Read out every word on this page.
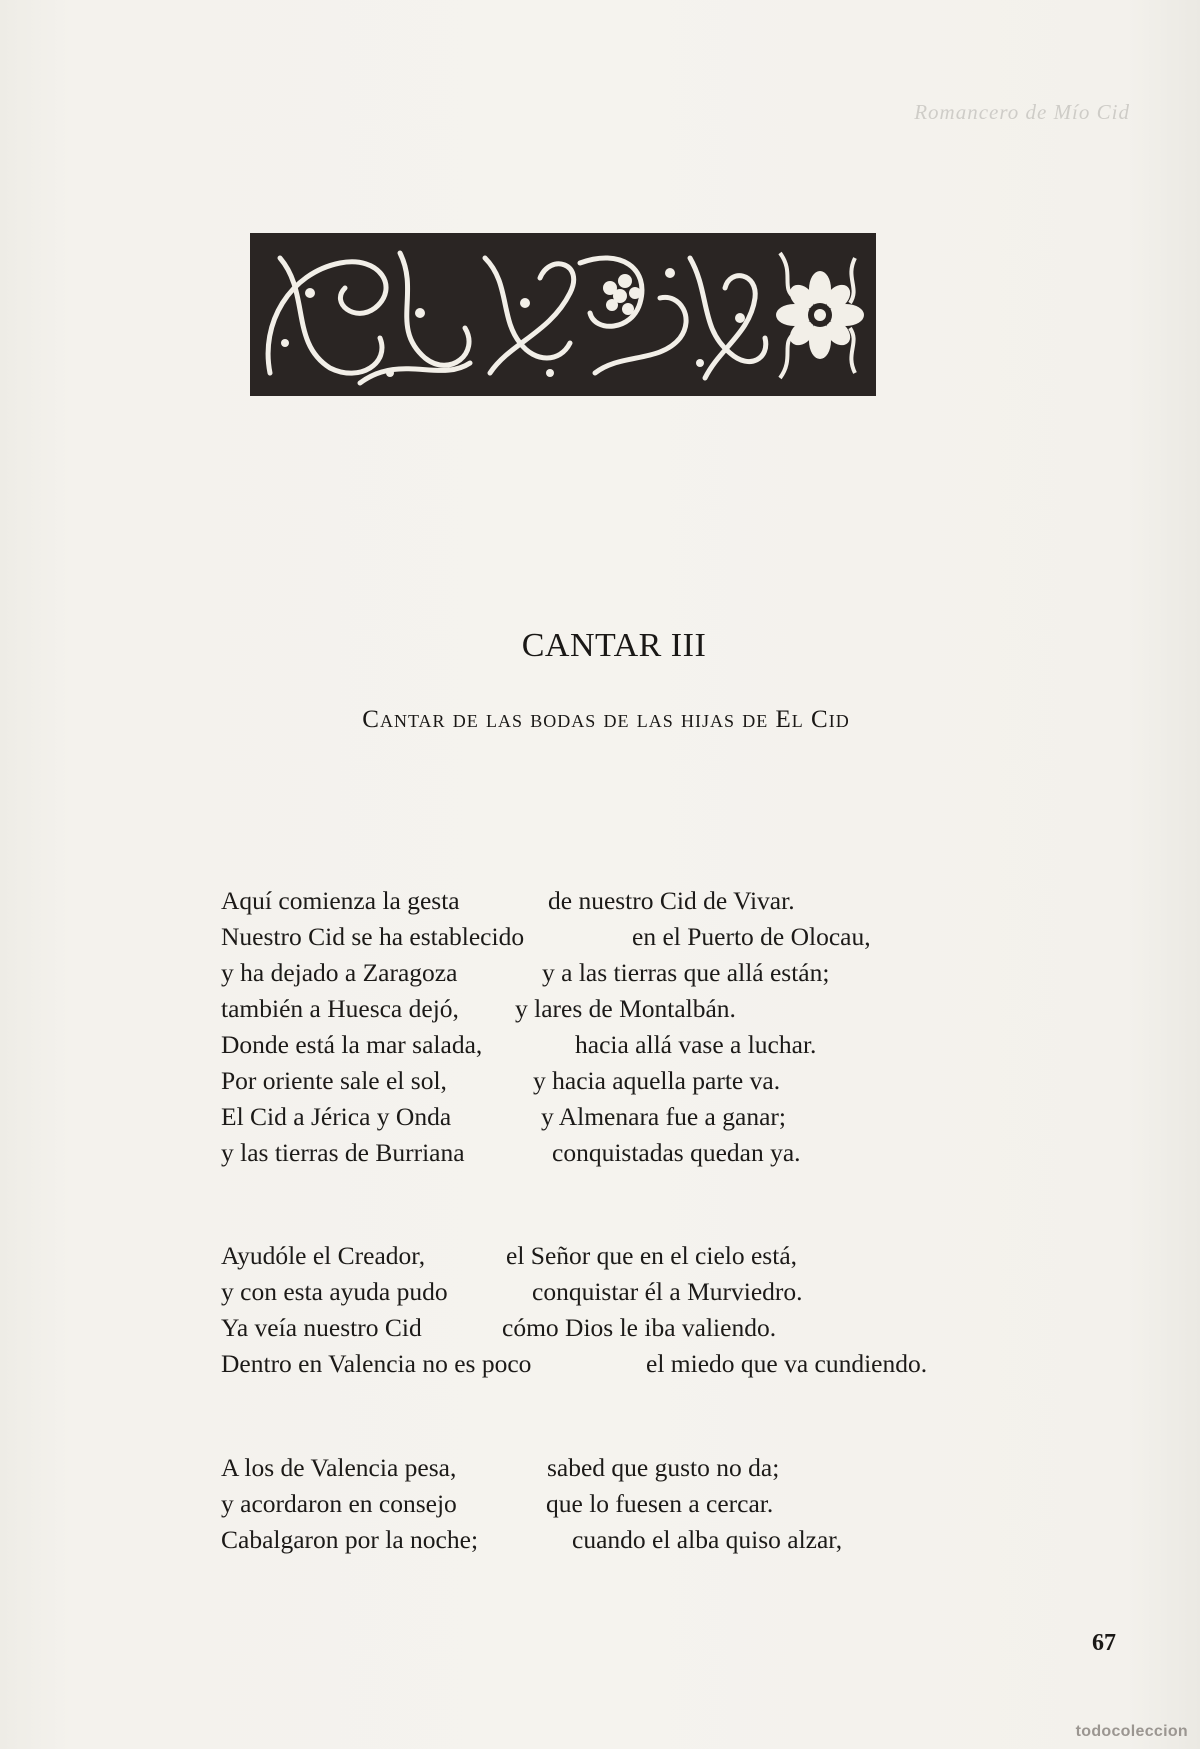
Romancero de Mío Cid
CANTAR III
Cantar de las bodas de las hijas de El Cid
Aquí comienza la gesta	de nuestro Cid de Vivar.
Nuestro Cid se ha establecido	en el Puerto de Olocau,
y ha dejado a Zaragoza	y a las tierras que allá están;
también a Huesca dejó, y lares de Montalbán.
Donde está la mar salada,	hacia allá vase a luchar.
Por oriente sale el sol,	y hacia aquella parte va.
El Cid a Jérica y Onda	y Almenara fue a ganar;
y las tierras de Burriana	conquistadas quedan ya.
Ayudóle el Creador,	el Señor que en el cielo está,
y con esta ayuda pudo	conquistar él a Murviedro.
Ya veía nuestro Cid	cómo Dios le iba valiendo.
Dentro en Valencia no es poco	el miedo que va cundiendo.
A los de Valencia pesa,	sabed que gusto no da;
y acordaron en consejo	que lo fuesen a cercar.
Cabalgaron por la noche;	cuando el alba quiso alzar,
67
todocoleccion
